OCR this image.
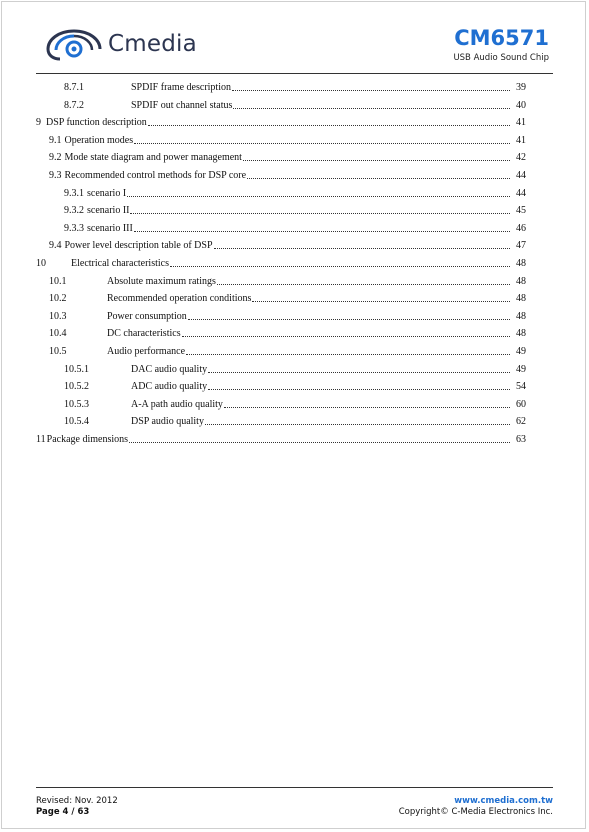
Cmedia	CM6571
USB Audio Sound Chip
8.7.1	SPDIF frame description	39
8.7.2	SPDIF out channel status	40
9 DSP function description	41
9.1 Operation modes	41
9.2 Mode state diagram and power management	42
9.3 Recommended control methods for DSP core	44
9.3.1 scenario I	44
9.3.2 scenario II	45
9.3.3 scenario III	46
9.4 Power level description table of DSP	47
10	Electrical characteristics	48
10.1	Absolute maximum ratings	48
10.2	Recommended operation conditions	48
10.3	Power consumption	48
10.4	DC characteristics	48
10.5	Audio performance	49
10.5.1	DAC audio quality	49
10.5.2	ADC audio quality	54
10.5.3	A-A path audio quality	60
10.5.4	DSP audio quality	62
11 Package dimensions	63
Revised: Nov. 2012
Page 4 / 63
www.cmedia.com.tw
Copyright© C-Media Electronics Inc.
